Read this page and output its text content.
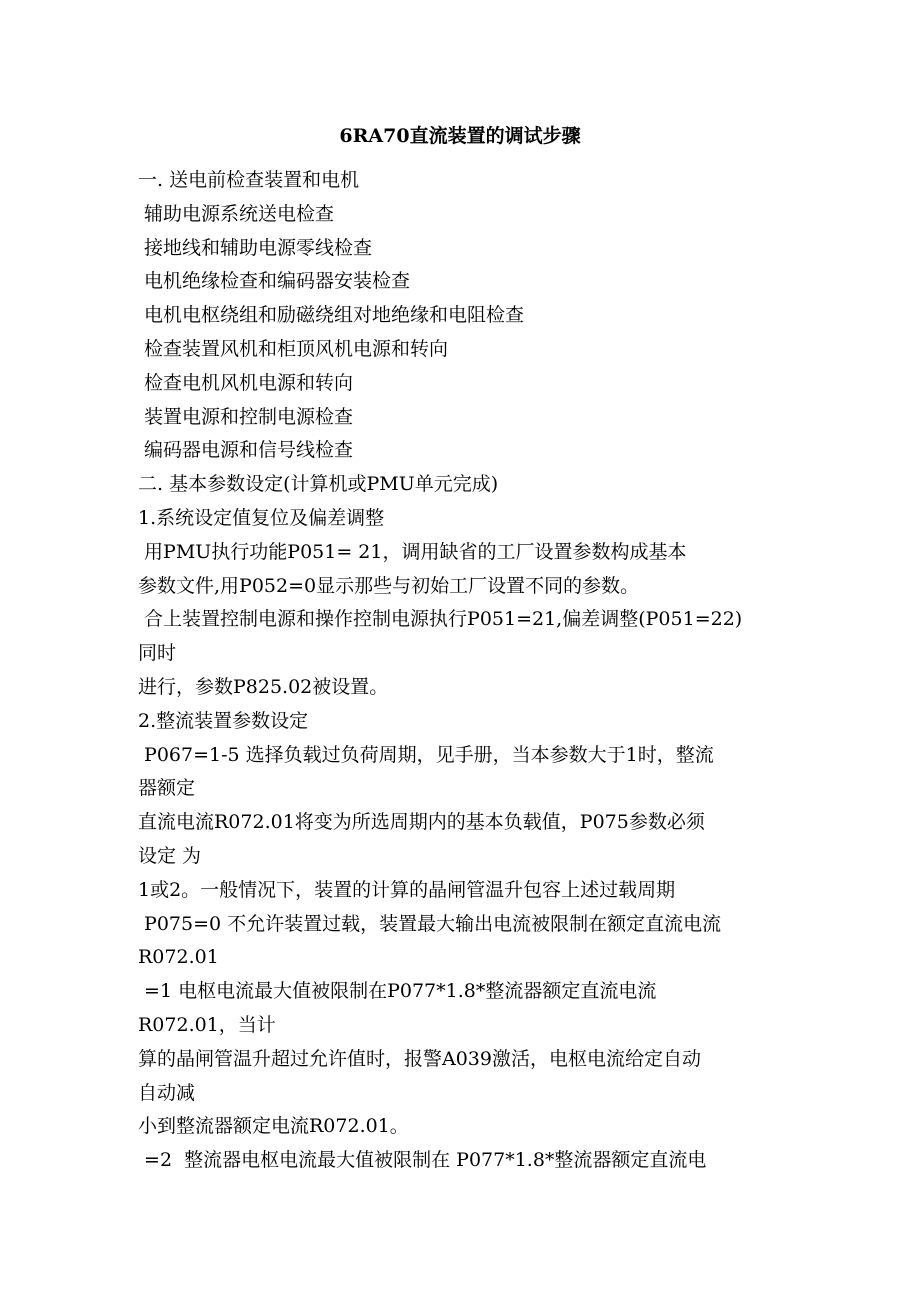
6RA70直流装置的调试步骤
一. 送电前检查装置和电机
辅助电源系统送电检查
接地线和辅助电源零线检查
电机绝缘检查和编码器安装检查
电机电枢绕组和励磁绕组对地绝缘和电阻检查
检查装置风机和柜顶风机电源和转向
检查电机风机电源和转向
装置电源和控制电源检查
编码器电源和信号线检查
二. 基本参数设定(计算机或PMU单元完成)
1.系统设定值复位及偏差调整
用PMU执行功能P051= 21，调用缺省的工厂设置参数构成基本
参数文件,用P052=0显示那些与初始工厂设置不同的参数。
合上装置控制电源和操作控制电源执行P051=21,偏差调整(P051=22)
同时
进行，参数P825.02被设置。
2.整流装置参数设定
P067=1-5 选择负载过负荷周期，见手册，当本参数大于1时，整流
器额定
直流电流R072.01将变为所选周期内的基本负载值，P075参数必须
设定 为
1或2。一般情况下，装置的计算的晶闸管温升包容上述过载周期
P075=0 不允许装置过载，装置最大输出电流被限制在额定直流电流
R072.01
=1 电枢电流最大值被限制在P077*1.8*整流器额定直流电流
R072.01，当计
算的晶闸管温升超过允许值时，报警A039激活，电枢电流给定自动
自动减
小到整流器额定电流R072.01。
=2  整流器电枢电流最大值被限制在 P077*1.8*整流器额定直流电
